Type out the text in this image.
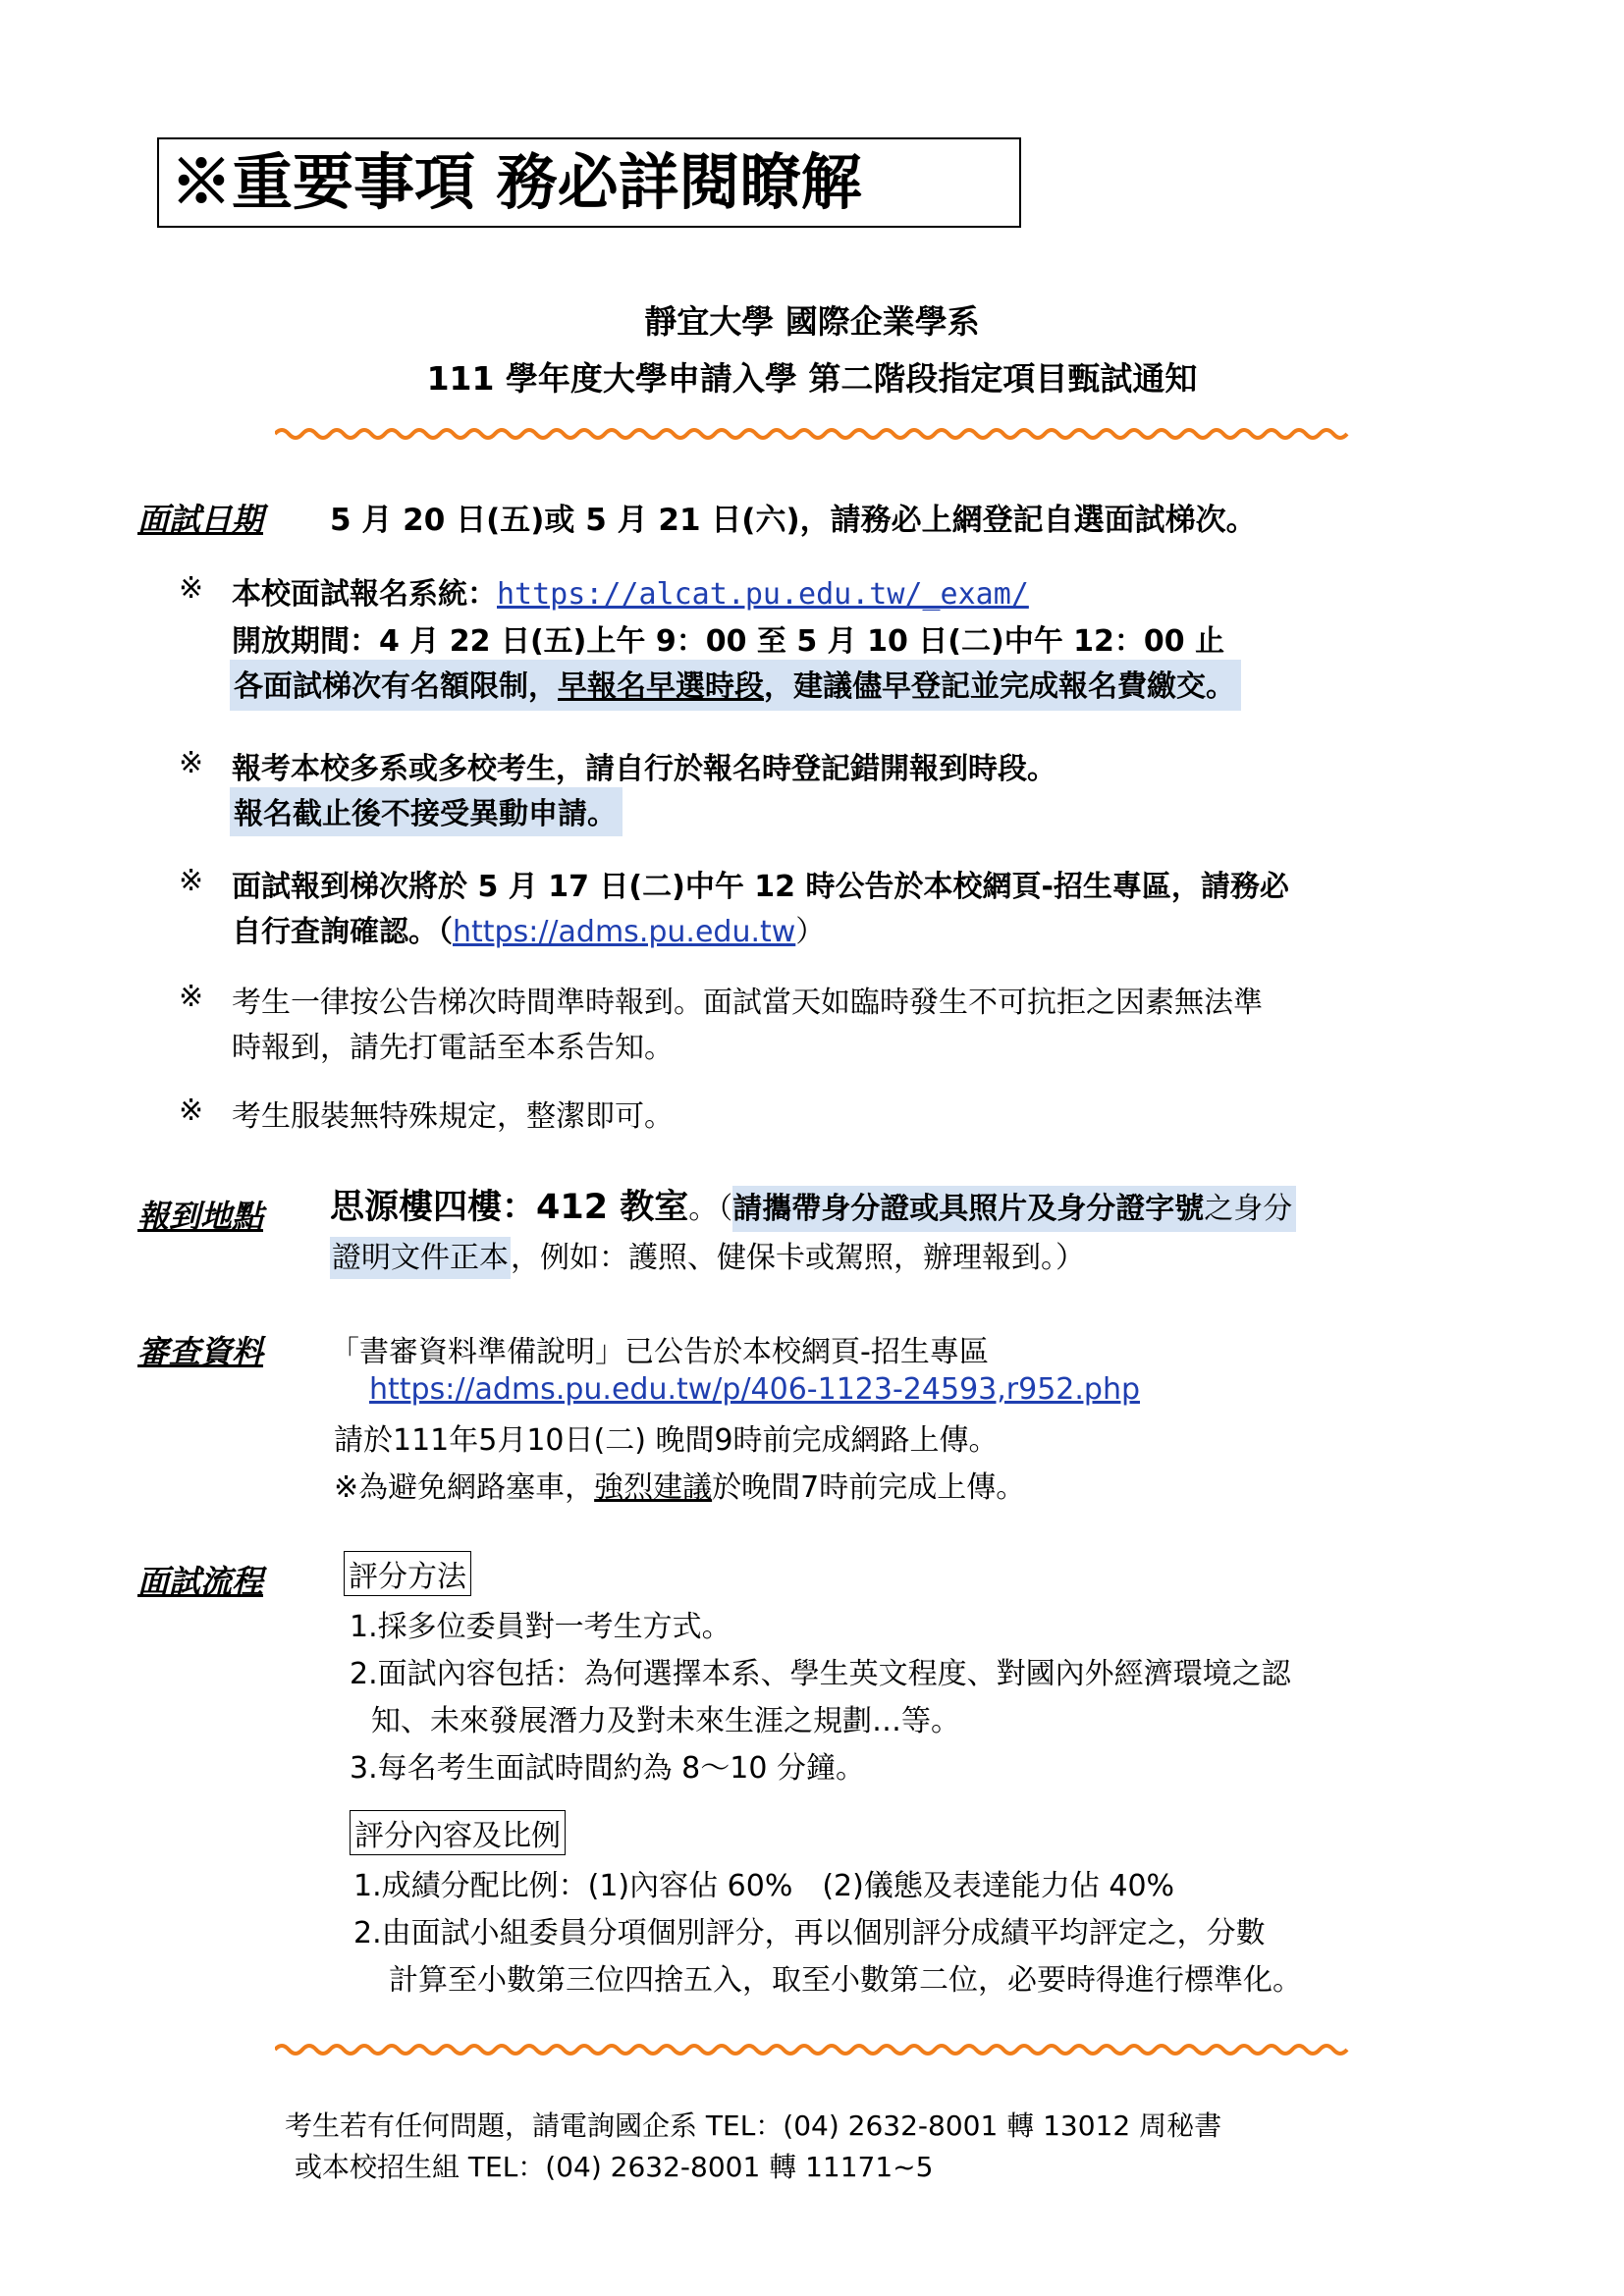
※重要事項 務必詳閱瞭解
靜宜大學 國際企業學系
111 學年度大學申請入學 第二階段指定項目甄試通知
面試日期 5 月 20 日(五)或 5 月 21 日(六)，請務必上網登記自選面試梯次。
※ 本校面試報名系統：https://alcat.pu.edu.tw/_exam/
開放期間：4 月 22 日(五)上午 9：00 至 5 月 10 日(二)中午 12：00 止
各面試梯次有名額限制，早報名早選時段，建議儘早登記並完成報名費繳交。
※ 報考本校多系或多校考生，請自行於報名時登記錯開報到時段。
報名截止後不接受異動申請。
※ 面試報到梯次將於 5 月 17 日(二)中午 12 時公告於本校網頁-招生專區，請務必
自行查詢確認。（https://adms.pu.edu.tw）
※ 考生一律按公告梯次時間準時報到。面試當天如臨時發生不可抗拒之因素無法準
時報到，請先打電話至本系告知。
※ 考生服裝無特殊規定，整潔即可。
報到地點 思源樓四樓：412 教室。（請攜帶身分證或具照片及身分證字號之身分
證明文件正本，例如：護照、健保卡或駕照，辦理報到。）
審查資料 「書審資料準備說明」已公告於本校網頁-招生專區
https://adms.pu.edu.tw/p/406-1123-24593,r952.php
請於111年5月10日(二) 晚間9時前完成網路上傳。
※為避免網路塞車，強烈建議於晚間7時前完成上傳。
面試流程	評分方法
1.採多位委員對一考生方式。
2.面試內容包括：為何選擇本系、學生英文程度、對國內外經濟環境之認
知、未來發展潛力及對未來生涯之規劃…等。
3.每名考生面試時間約為 8～10 分鐘。
評分內容及比例
1.成績分配比例：(1)內容佔 60%　(2)儀態及表達能力佔 40%
2.由面試小組委員分項個別評分，再以個別評分成績平均評定之，分數
計算至小數第三位四捨五入，取至小數第二位，必要時得進行標準化。
考生若有任何問題，請電詢國企系 TEL：(04) 2632-8001 轉 13012 周秘書
或本校招生組 TEL：(04) 2632-8001 轉 11171~5
